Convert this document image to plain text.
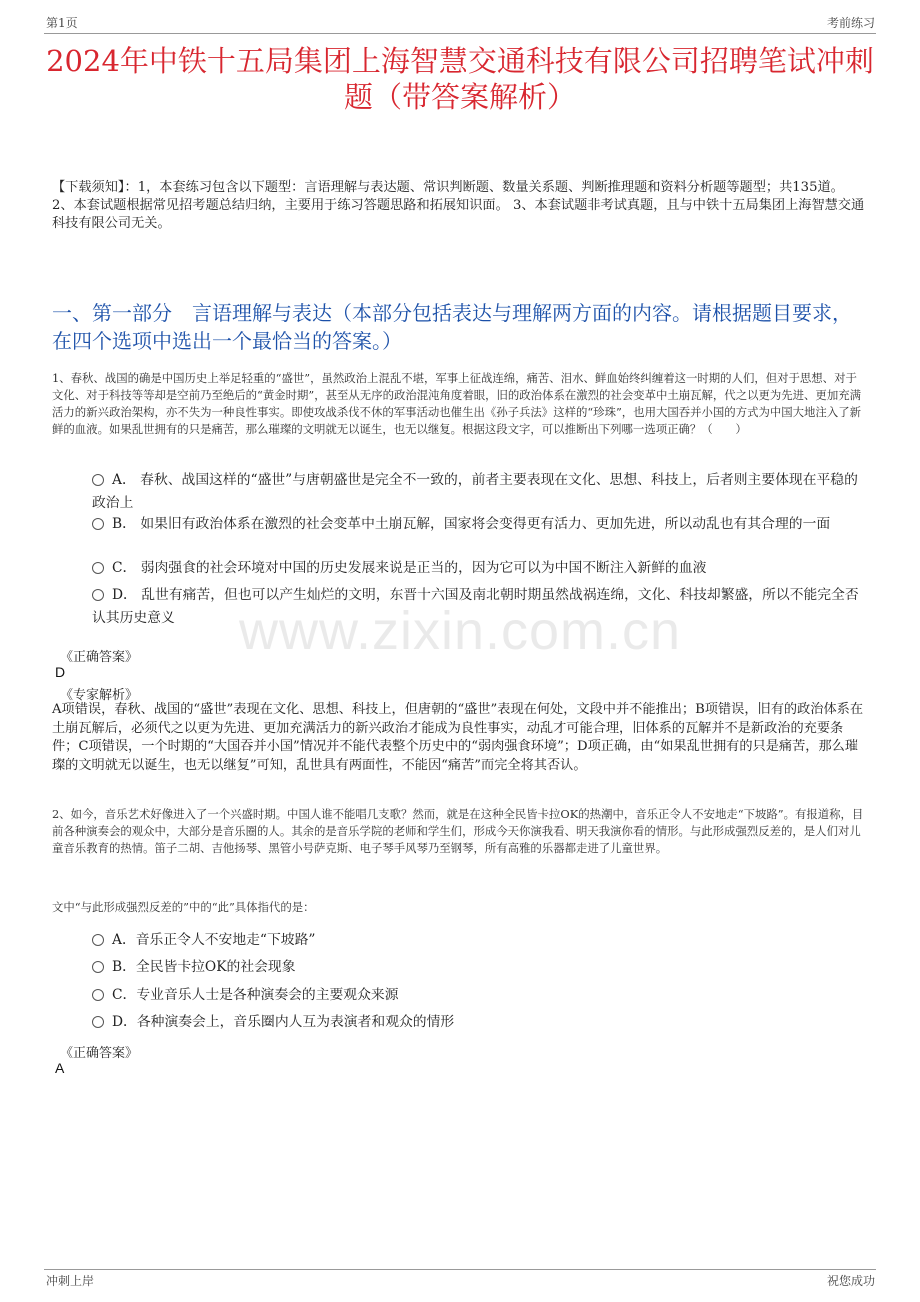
第1页	考前练习
2024年中铁十五局集团上海智慧交通科技有限公司招聘笔试冲刺题（带答案解析）
【下载须知】：1，本套练习包含以下题型：言语理解与表达题、常识判断题、数量关系题、判断推理题和资料分析题等题型；共135道。 2、本套试题根据常见招考题总结归纳，主要用于练习答题思路和拓展知识面。 3、本套试题非考试真题，且与中铁十五局集团上海智慧交通科技有限公司无关。
一、第一部分　言语理解与表达（本部分包括表达与理解两方面的内容。请根据题目要求，在四个选项中选出一个最恰当的答案。）
www.zixin.com.cn
1、春秋、战国的确是中国历史上举足轻重的“盛世”，虽然政治上混乱不堪，军事上征战连绵，痛苦、泪水、鲜血始终纠缠着这一时期的人们，但对于思想、对于文化、对于科技等等却是空前乃至绝后的“黄金时期”，甚至从无序的政治混沌角度着眼，旧的政治体系在激烈的社会变革中土崩瓦解，代之以更为先进、更加充满活力的新兴政治架构，亦不失为一种良性事实。即使攻战杀伐不休的军事活动也催生出《孙子兵法》这样的“珍珠”，也用大国吞并小国的方式为中国大地注入了新鲜的血液。如果乱世拥有的只是痛苦，那么璀璨的文明就无以诞生，也无以继复。根据这段文字，可以推断出下列哪一选项正确？（　　）
A． 春秋、战国这样的“盛世”与唐朝盛世是完全不一致的，前者主要表现在文化、思想、科技上，后者则主要体现在平稳的政治上
B． 如果旧有政治体系在激烈的社会变革中土崩瓦解，国家将会变得更有活力、更加先进，所以动乱也有其合理的一面
C． 弱肉强食的社会环境对中国的历史发展来说是正当的，因为它可以为中国不断注入新鲜的血液
D． 乱世有痛苦，但也可以产生灿烂的文明，东晋十六国及南北朝时期虽然战祸连绵，文化、科技却繁盛，所以不能完全否认其历史意义
《正确答案》
D
《专家解析》
A项错误，春秋、战国的“盛世”表现在文化、思想、科技上，但唐朝的“盛世”表现在何处，文段中并不能推出；B项错误，旧有的政治体系在土崩瓦解后，必须代之以更为先进、更加充满活力的新兴政治才能成为良性事实，动乱才可能合理，旧体系的瓦解并不是新政治的充要条件；C项错误，一个时期的“大国吞并小国”情况并不能代表整个历史中的“弱肉强食环境”；D项正确，由“如果乱世拥有的只是痛苦，那么璀璨的文明就无以诞生，也无以继复”可知，乱世具有两面性，不能因“痛苦”而完全将其否认。
2、如今，音乐艺术好像进入了一个兴盛时期。中国人谁不能唱几支歌？然而，就是在这种全民皆卡拉OK的热潮中，音乐正令人不安地走“下坡路”。有报道称，目前各种演奏会的观众中，大部分是音乐圈的人。其余的是音乐学院的老师和学生们，形成今天你演我看、明天我演你看的情形。与此形成强烈反差的，是人们对儿童音乐教育的热情。笛子二胡、吉他扬琴、黑管小号萨克斯、电子琴手风琴乃至钢琴，所有高雅的乐器都走进了儿童世界。
文中“与此形成强烈反差的”中的“此”具体指代的是：
A．音乐正令人不安地走“下坡路”
B．全民皆卡拉OK的社会现象
C．专业音乐人士是各种演奏会的主要观众来源
D．各种演奏会上，音乐圈内人互为表演者和观众的情形
《正确答案》
A
冲刺上岸	祝您成功
